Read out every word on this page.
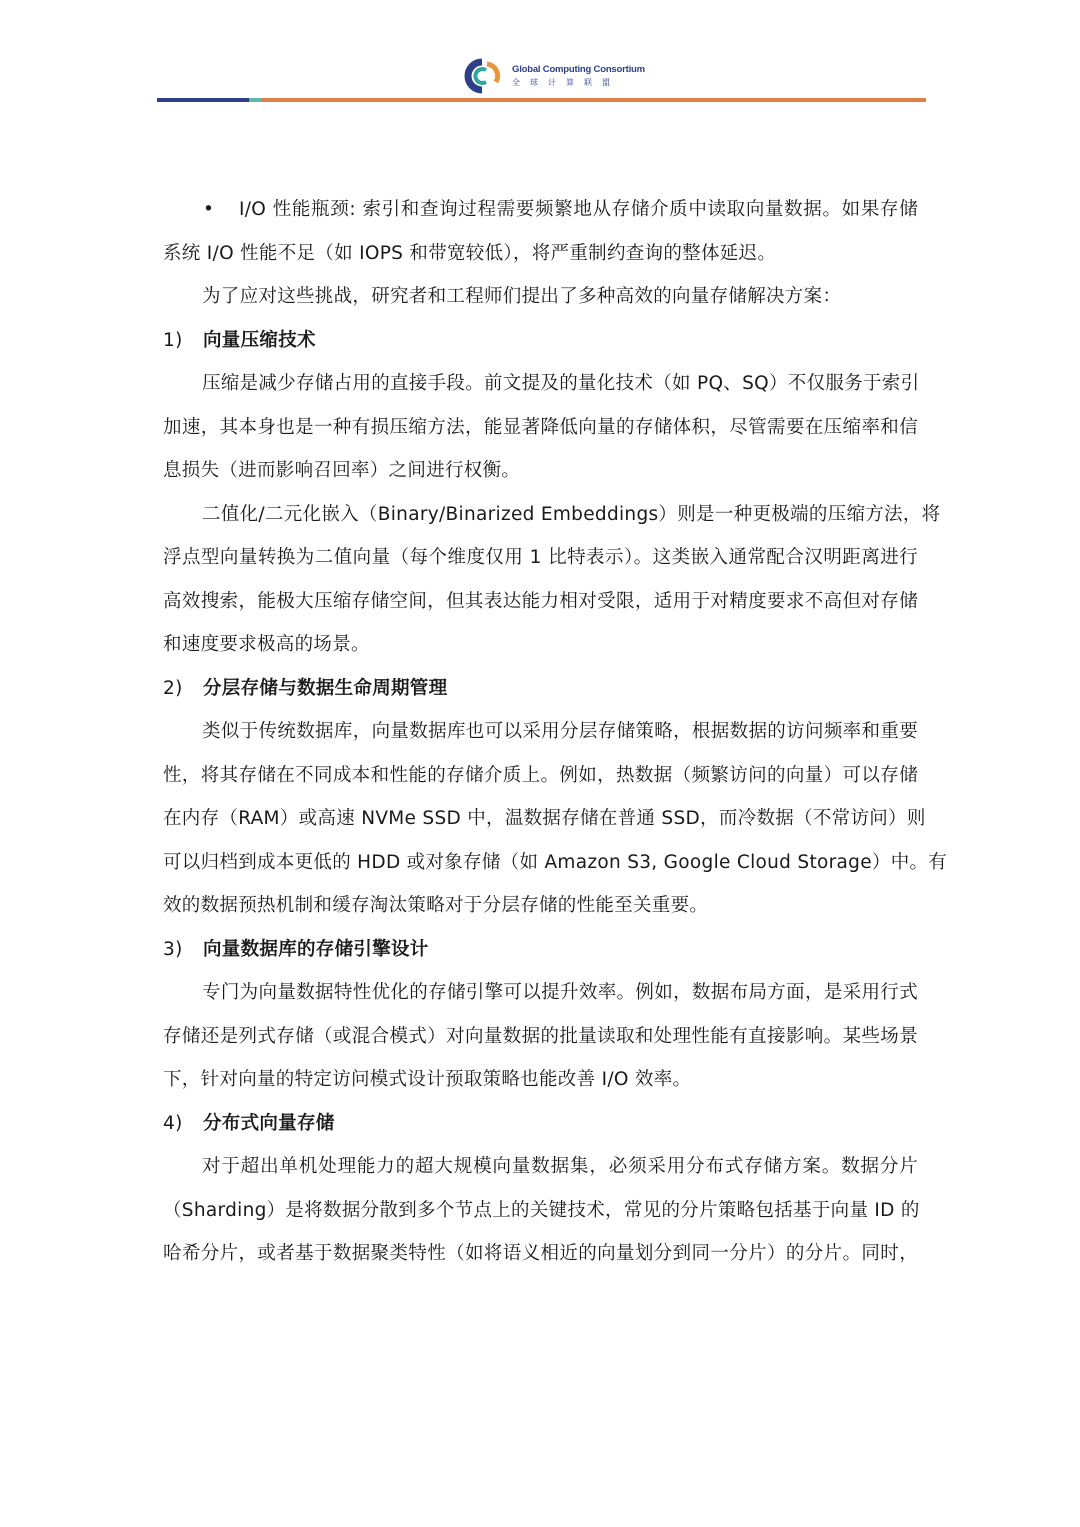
Global Computing Consortium
全球计算联盟
• I/O 性能瓶颈: 索引和查询过程需要频繁地从存储介质中读取向量数据。如果存储
系统 I/O 性能不足（如 IOPS 和带宽较低），将严重制约查询的整体延迟。
为了应对这些挑战，研究者和工程师们提出了多种高效的向量存储解决方案：
1) 向量压缩技术
压缩是减少存储占用的直接手段。前文提及的量化技术（如 PQ、SQ）不仅服务于索引
加速，其本身也是一种有损压缩方法，能显著降低向量的存储体积，尽管需要在压缩率和信
息损失（进而影响召回率）之间进行权衡。
二值化/二元化嵌入（Binary/Binarized Embeddings）则是一种更极端的压缩方法，将
浮点型向量转换为二值向量（每个维度仅用 1 比特表示）。这类嵌入通常配合汉明距离进行
高效搜索，能极大压缩存储空间，但其表达能力相对受限，适用于对精度要求不高但对存储
和速度要求极高的场景。
2) 分层存储与数据生命周期管理
类似于传统数据库，向量数据库也可以采用分层存储策略，根据数据的访问频率和重要
性，将其存储在不同成本和性能的存储介质上。例如，热数据（频繁访问的向量）可以存储
在内存（RAM）或高速 NVMe SSD 中，温数据存储在普通 SSD，而冷数据（不常访问）则
可以归档到成本更低的 HDD 或对象存储（如 Amazon S3, Google Cloud Storage）中。有
效的数据预热机制和缓存淘汰策略对于分层存储的性能至关重要。
3) 向量数据库的存储引擎设计
专门为向量数据特性优化的存储引擎可以提升效率。例如，数据布局方面，是采用行式
存储还是列式存储（或混合模式）对向量数据的批量读取和处理性能有直接影响。某些场景
下，针对向量的特定访问模式设计预取策略也能改善 I/O 效率。
4) 分布式向量存储
对于超出单机处理能力的超大规模向量数据集，必须采用分布式存储方案。数据分片
（Sharding）是将数据分散到多个节点上的关键技术，常见的分片策略包括基于向量 ID 的
哈希分片，或者基于数据聚类特性（如将语义相近的向量划分到同一分片）的分片。同时，
